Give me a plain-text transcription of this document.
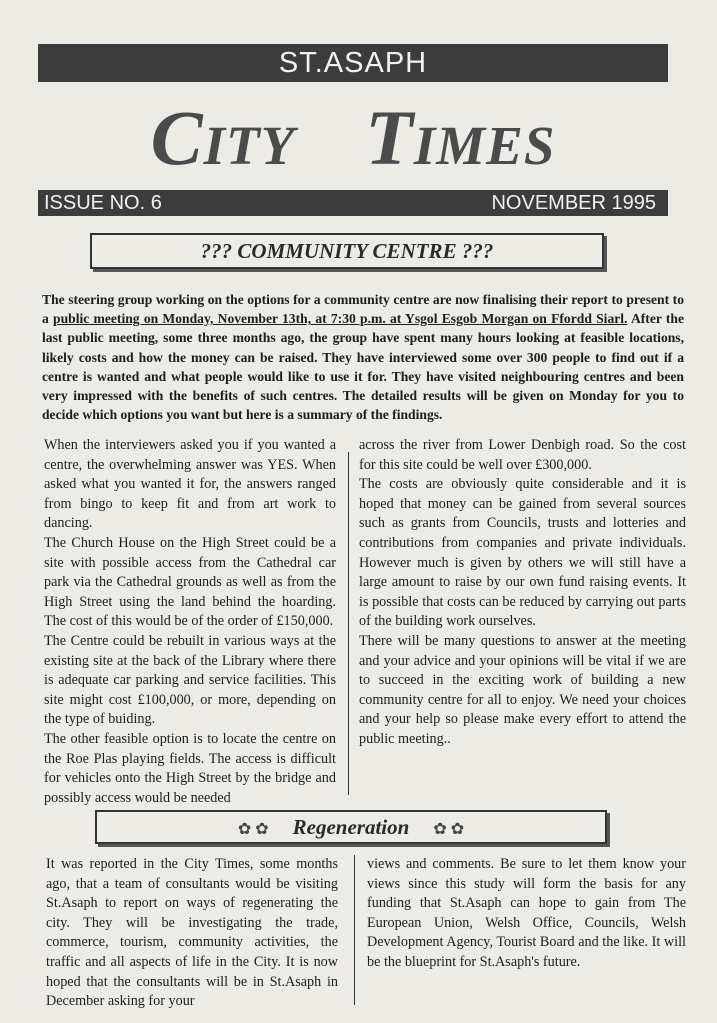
ST.ASAPH
City Times
ISSUE NO. 6	NOVEMBER 1995
??? COMMUNITY CENTRE ???
The steering group working on the options for a community centre are now finalising their report to present to a public meeting on Monday, November 13th, at 7:30 p.m. at Ysgol Esgob Morgan on Ffordd Siarl. After the last public meeting, some three months ago, the group have spent many hours looking at feasible locations, likely costs and how the money can be raised. They have interviewed some over 300 people to find out if a centre is wanted and what people would like to use it for. They have visited neighbouring centres and been very impressed with the benefits of such centres. The detailed results will be given on Monday for you to decide which options you want but here is a summary of the findings.

When the interviewers asked you if you wanted a centre, the overwhelming answer was YES. When asked what you wanted it for, the answers ranged from bingo to keep fit and from art work to dancing.

The Church House on the High Street could be a site with possible access from the Cathedral car park via the Cathedral grounds as well as from the High Street using the land behind the hoarding. The cost of this would be of the order of £150,000.

The Centre could be rebuilt in various ways at the existing site at the back of the Library where there is adequate car parking and service facilities. This site might cost £100,000, or more, depending on the type of buiding.

The other feasible option is to locate the centre on the Roe Plas playing fields. The access is difficult for vehicles onto the High Street by the bridge and possibly access would be needed

across the river from Lower Denbigh road. So the cost for this site could be well over £300,000.

The costs are obviously quite considerable and it is hoped that money can be gained from several sources such as grants from Councils, trusts and lotteries and contributions from companies and private individuals. However much is given by others we will still have a large amount to raise by our own fund raising events. It is possible that costs can be reduced by carrying out parts of the building work ourselves.

There will be many questions to answer at the meeting and your advice and your opinions will be vital if we are to succeed in the exciting work of building a new community centre for all to enjoy. We need your choices and your help so please make every effort to attend the public meeting..

✿ ✿ Regeneration ✿ ✿

It was reported in the City Times, some months ago, that a team of consultants would be visiting St.Asaph to report on ways of regenerating the city. They will be investigating the trade, commerce, tourism, community activities, the traffic and all aspects of life in the City. It is now hoped that the consultants will be in St.Asaph in December asking for your

views and comments. Be sure to let them know your views since this study will form the basis for any funding that St.Asaph can hope to gain from The European Union, Welsh Office, Councils, Welsh Development Agency, Tourist Board and the like. It will be the blueprint for St.Asaph's future.
